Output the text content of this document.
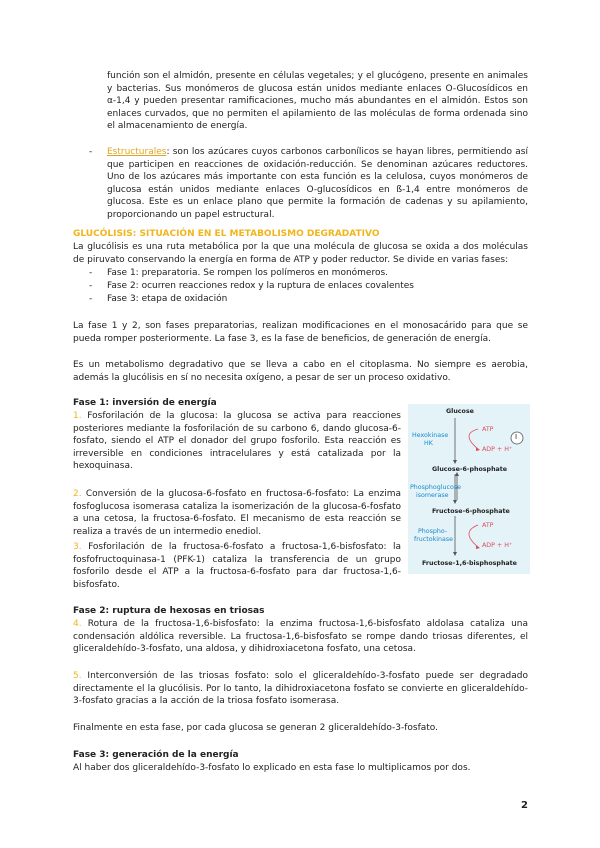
función son el almidón, presente en células vegetales; y el glucógeno, presente en animales y bacterias. Sus monómeros de glucosa están unidos mediante enlaces O-Glucosídicos en α-1,4 y pueden presentar ramificaciones, mucho más abundantes en el almidón. Estos son enlaces curvados, que no permiten el apilamiento de las moléculas de forma ordenada sino el almacenamiento de energía.

- Estructurales: son los azúcares cuyos carbonos carbonílicos se hayan libres, permitiendo así que participen en reacciones de oxidación-reducción. Se denominan azúcares reductores. Uno de los azúcares más importante con esta función es la celulosa, cuyos monómeros de glucosa están unidos mediante enlaces O-glucosídicos en ß-1,4 entre monómeros de glucosa. Este es un enlace plano que permite la formación de cadenas y su apilamiento, proporcionando un papel estructural.

GLUCÓLISIS: SITUACIÓN EN EL METABOLISMO DEGRADATIVO

La glucólisis es una ruta metabólica por la que una molécula de glucosa se oxida a dos moléculas de piruvato conservando la energía en forma de ATP y poder reductor. Se divide en varias fases:

- Fase 1: preparatoria. Se rompen los polímeros en monómeros.
- Fase 2: ocurren reacciones redox y la ruptura de enlaces covalentes
- Fase 3: etapa de oxidación

La fase 1 y 2, son fases preparatorias, realizan modificaciones en el monosacárido para que se pueda romper posteriormente. La fase 3, es la fase de beneficios, de generación de energía.

Es un metabolismo degradativo que se lleva a cabo en el citoplasma. No siempre es aerobia, además la glucólisis en sí no necesita oxígeno, a pesar de ser un proceso oxidativo.

Fase 1: inversión de energía

1. Fosforilación de la glucosa: la glucosa se activa para reacciones posteriores mediante la fosforilación de su carbono 6, dando glucosa-6-fosfato, siendo el ATP el donador del grupo fosforilo. Esta reacción es irreversible en condiciones intracelulares y está catalizada por la hexoquinasa.

2. Conversión de la glucosa-6-fosfato en fructosa-6-fosfato: La enzima fosfoglucosa isomerasa cataliza la isomerización de la glucosa-6-fosfato a una cetosa, la fructosa-6-fosfato. El mecanismo de esta reacción se realiza a través de un intermedio enediol.

3. Fosforilación de la fructosa-6-fosfato a fructosa-1,6-bisfosfato: la fosfofructoquinasa-1 (PFK-1) cataliza la transferencia de un grupo fosforilo desde el ATP a la fructosa-6-fosfato para dar fructosa-1,6-bisfosfato.

Glucose
Hexokinase
HK
ATP
ADP + H⁺
I
Glucose-6-phosphate
Phosphoglucose
isomerase
Fructose-6-phosphate
Phospho-
fructokinase
ATP
ADP + H⁺
Fructose-1,6-bisphosphate

Fase 2: ruptura de hexosas en triosas

4. Rotura de la fructosa-1,6-bisfosfato: la enzima fructosa-1,6-bisfosfato aldolasa cataliza una condensación aldólica reversible. La fructosa-1,6-bisfosfato se rompe dando triosas diferentes, el gliceraldehído-3-fosfato, una aldosa, y dihidroxiacetona fosfato, una cetosa.

5. Interconversión de las triosas fosfato: solo el gliceraldehído-3-fosfato puede ser degradado directamente el la glucólisis. Por lo tanto, la dihidroxiacetona fosfato se convierte en gliceraldehído-3-fosfato gracias a la acción de la triosa fosfato isomerasa.

Finalmente en esta fase, por cada glucosa se generan 2 gliceraldehído-3-fosfato.

Fase 3: generación de la energía

Al haber dos gliceraldehído-3-fosfato lo explicado en esta fase lo multiplicamos por dos.

2
